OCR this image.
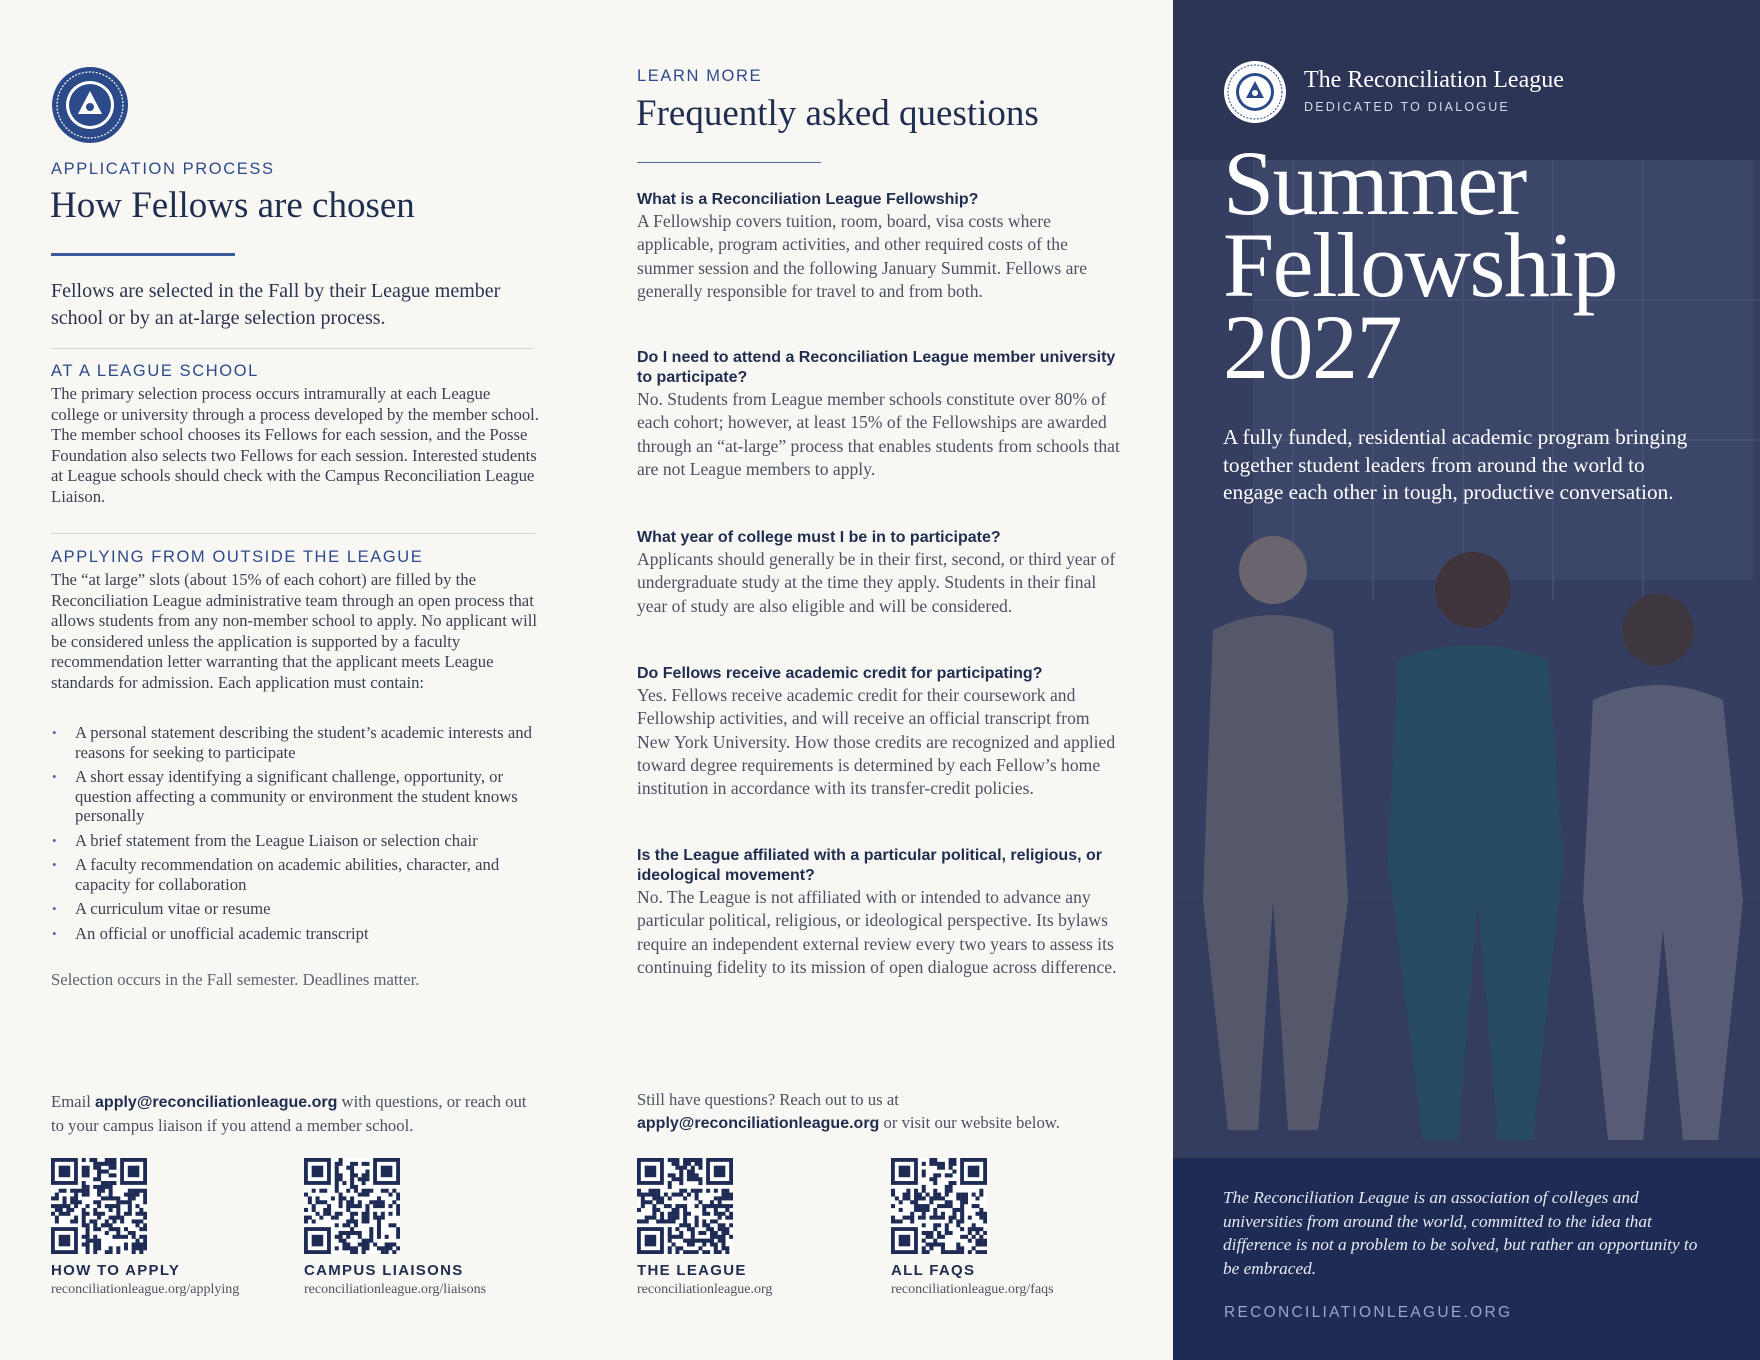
APPLICATION PROCESS
How Fellows are chosen
Fellows are selected in the Fall by their League member school or by an at-large selection process.
AT A LEAGUE SCHOOL
The primary selection process occurs intramurally at each League college or university through a process developed by the member school. The member school chooses its Fellows for each session, and the Posse Foundation also selects two Fellows for each session. Interested students at League schools should check with the Campus Reconciliation League Liaison.
APPLYING FROM OUTSIDE THE LEAGUE
The “at large” slots (about 15% of each cohort) are filled by the Reconciliation League administrative team through an open process that allows students from any non-member school to apply. No applicant will be considered unless the application is supported by a faculty recommendation letter warranting that the applicant meets League standards for admission. Each application must contain:
• A personal statement describing the student’s academic interests and reasons for seeking to participate
• A short essay identifying a significant challenge, opportunity, or question affecting a community or environment the student knows personally
• A brief statement from the League Liaison or selection chair
• A faculty recommendation on academic abilities, character, and capacity for collaboration
• A curriculum vitae or resume
• An official or unofficial academic transcript
Selection occurs in the Fall semester. Deadlines matter.
Email apply@reconciliationleague.org with questions, or reach out to your campus liaison if you attend a member school.
HOW TO APPLY
reconciliationleague.org/applying
CAMPUS LIAISONS
reconciliationleague.org/liaisons
LEARN MORE
Frequently asked questions
What is a Reconciliation League Fellowship?
A Fellowship covers tuition, room, board, visa costs where applicable, program activities, and other required costs of the summer session and the following January Summit. Fellows are generally responsible for travel to and from both.
Do I need to attend a Reconciliation League member university to participate?
No. Students from League member schools constitute over 80% of each cohort; however, at least 15% of the Fellowships are awarded through an “at-large” process that enables students from schools that are not League members to apply.
What year of college must I be in to participate?
Applicants should generally be in their first, second, or third year of undergraduate study at the time they apply. Students in their final year of study are also eligible and will be considered.
Do Fellows receive academic credit for participating?
Yes. Fellows receive academic credit for their coursework and Fellowship activities, and will receive an official transcript from New York University. How those credits are recognized and applied toward degree requirements is determined by each Fellow’s home institution in accordance with its transfer-credit policies.
Is the League affiliated with a particular political, religious, or ideological movement?
No. The League is not affiliated with or intended to advance any particular political, religious, or ideological perspective. Its bylaws require an independent external review every two years to assess its continuing fidelity to its mission of open dialogue across difference.
Still have questions? Reach out to us at
apply@reconciliationleague.org or visit our website below.
THE LEAGUE
reconciliationleague.org
ALL FAQS
reconciliationleague.org/faqs
The Reconciliation League
DEDICATED TO DIALOGUE
Summer
Fellowship
2027
A fully funded, residential academic program bringing together student leaders from around the world to engage each other in tough, productive conversation.
The Reconciliation League is an association of colleges and universities from around the world, committed to the idea that difference is not a problem to be solved, but rather an opportunity to be embraced.
RECONCILIATIONLEAGUE.ORG
